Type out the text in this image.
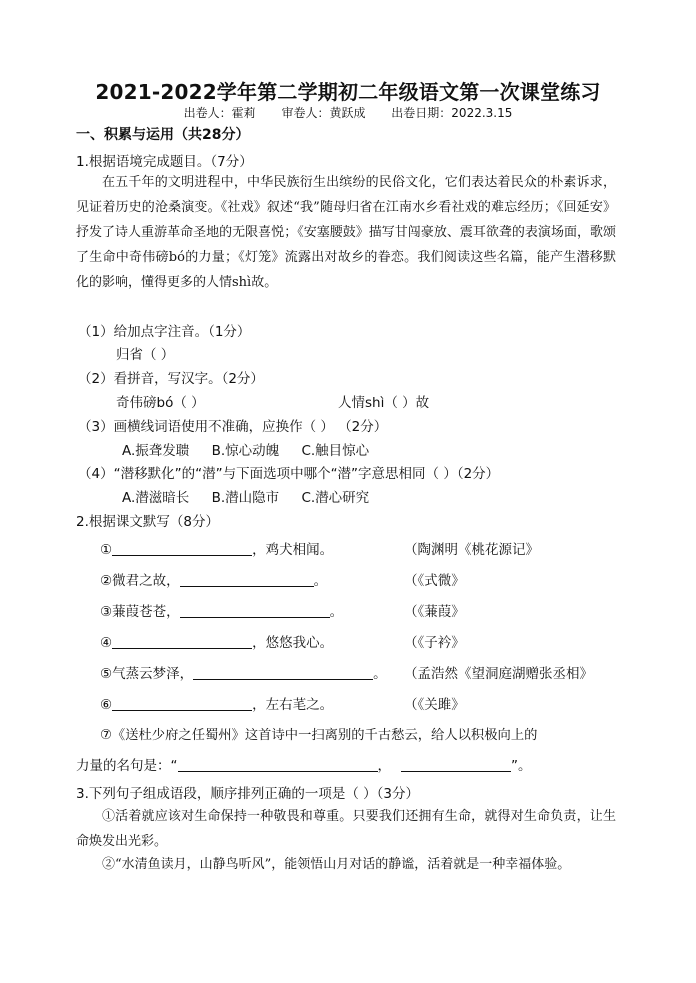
2021-2022学年第二学期初二年级语文第一次课堂练习
出卷人：霍莉 审卷人：黄跃成 出卷日期：2022.3.15
一、积累与运用（共28分）
1.根据语境完成题目。（7分）
在五千年的文明进程中，中华民族衍生出缤纷的民俗文化，它们表达着民众的朴素诉求，见证着历史的沧桑演变。《社戏》叙述“我”随母归省在江南水乡看社戏的难忘经历；《回延安》抒发了诗人重游革命圣地的无限喜悦；《安塞腰鼓》描写甘闯豪放、震耳欲聋的表演场面，歌颂了生命中奇伟磅bó的力量；《灯笼》流露出对故乡的眷恋。我们阅读这些名篇，能产生潜移默化的影响，懂得更多的人情shì故。
（1）给加点字注音。（1分）
归省（ ）
（2）看拼音，写汉字。（2分）
奇伟磅bó（ ）	人情shì（ ）故
（3）画横线词语使用不准确，应换作（ ） （2分）
A.振聋发聩 B.惊心动魄 C.触目惊心
（4）“潜移默化”的“潜”与下面选项中哪个“潜”字意思相同（ ）（2分）
A.潜滋暗长 B.潜山隐市 C.潜心研究
2.根据课文默写（8分）
①	，鸡犬相闻。	（陶渊明《桃花源记》
②微君之故，	。	（《式微》
③蒹葭苍苍，	。	（《蒹葭》
④	，悠悠我心。	（《子衿》
⑤气蒸云梦泽，	。 （孟浩然《望洞庭湖赠张丞相》
⑥	，左右芼之。	（《关雎》
⑦《送杜少府之任蜀州》这首诗中一扫离别的千古愁云，给人以积极向上的
力量的名句是：“	，	”。
3.下列句子组成语段，顺序排列正确的一项是（ ）（3分）
①活着就应该对生命保持一种敬畏和尊重。只要我们还拥有生命，就得对生命负责，让生命焕发出光彩。
②“水清鱼读月，山静鸟听风”，能领悟山月对话的静谧，活着就是一种幸福体验。
